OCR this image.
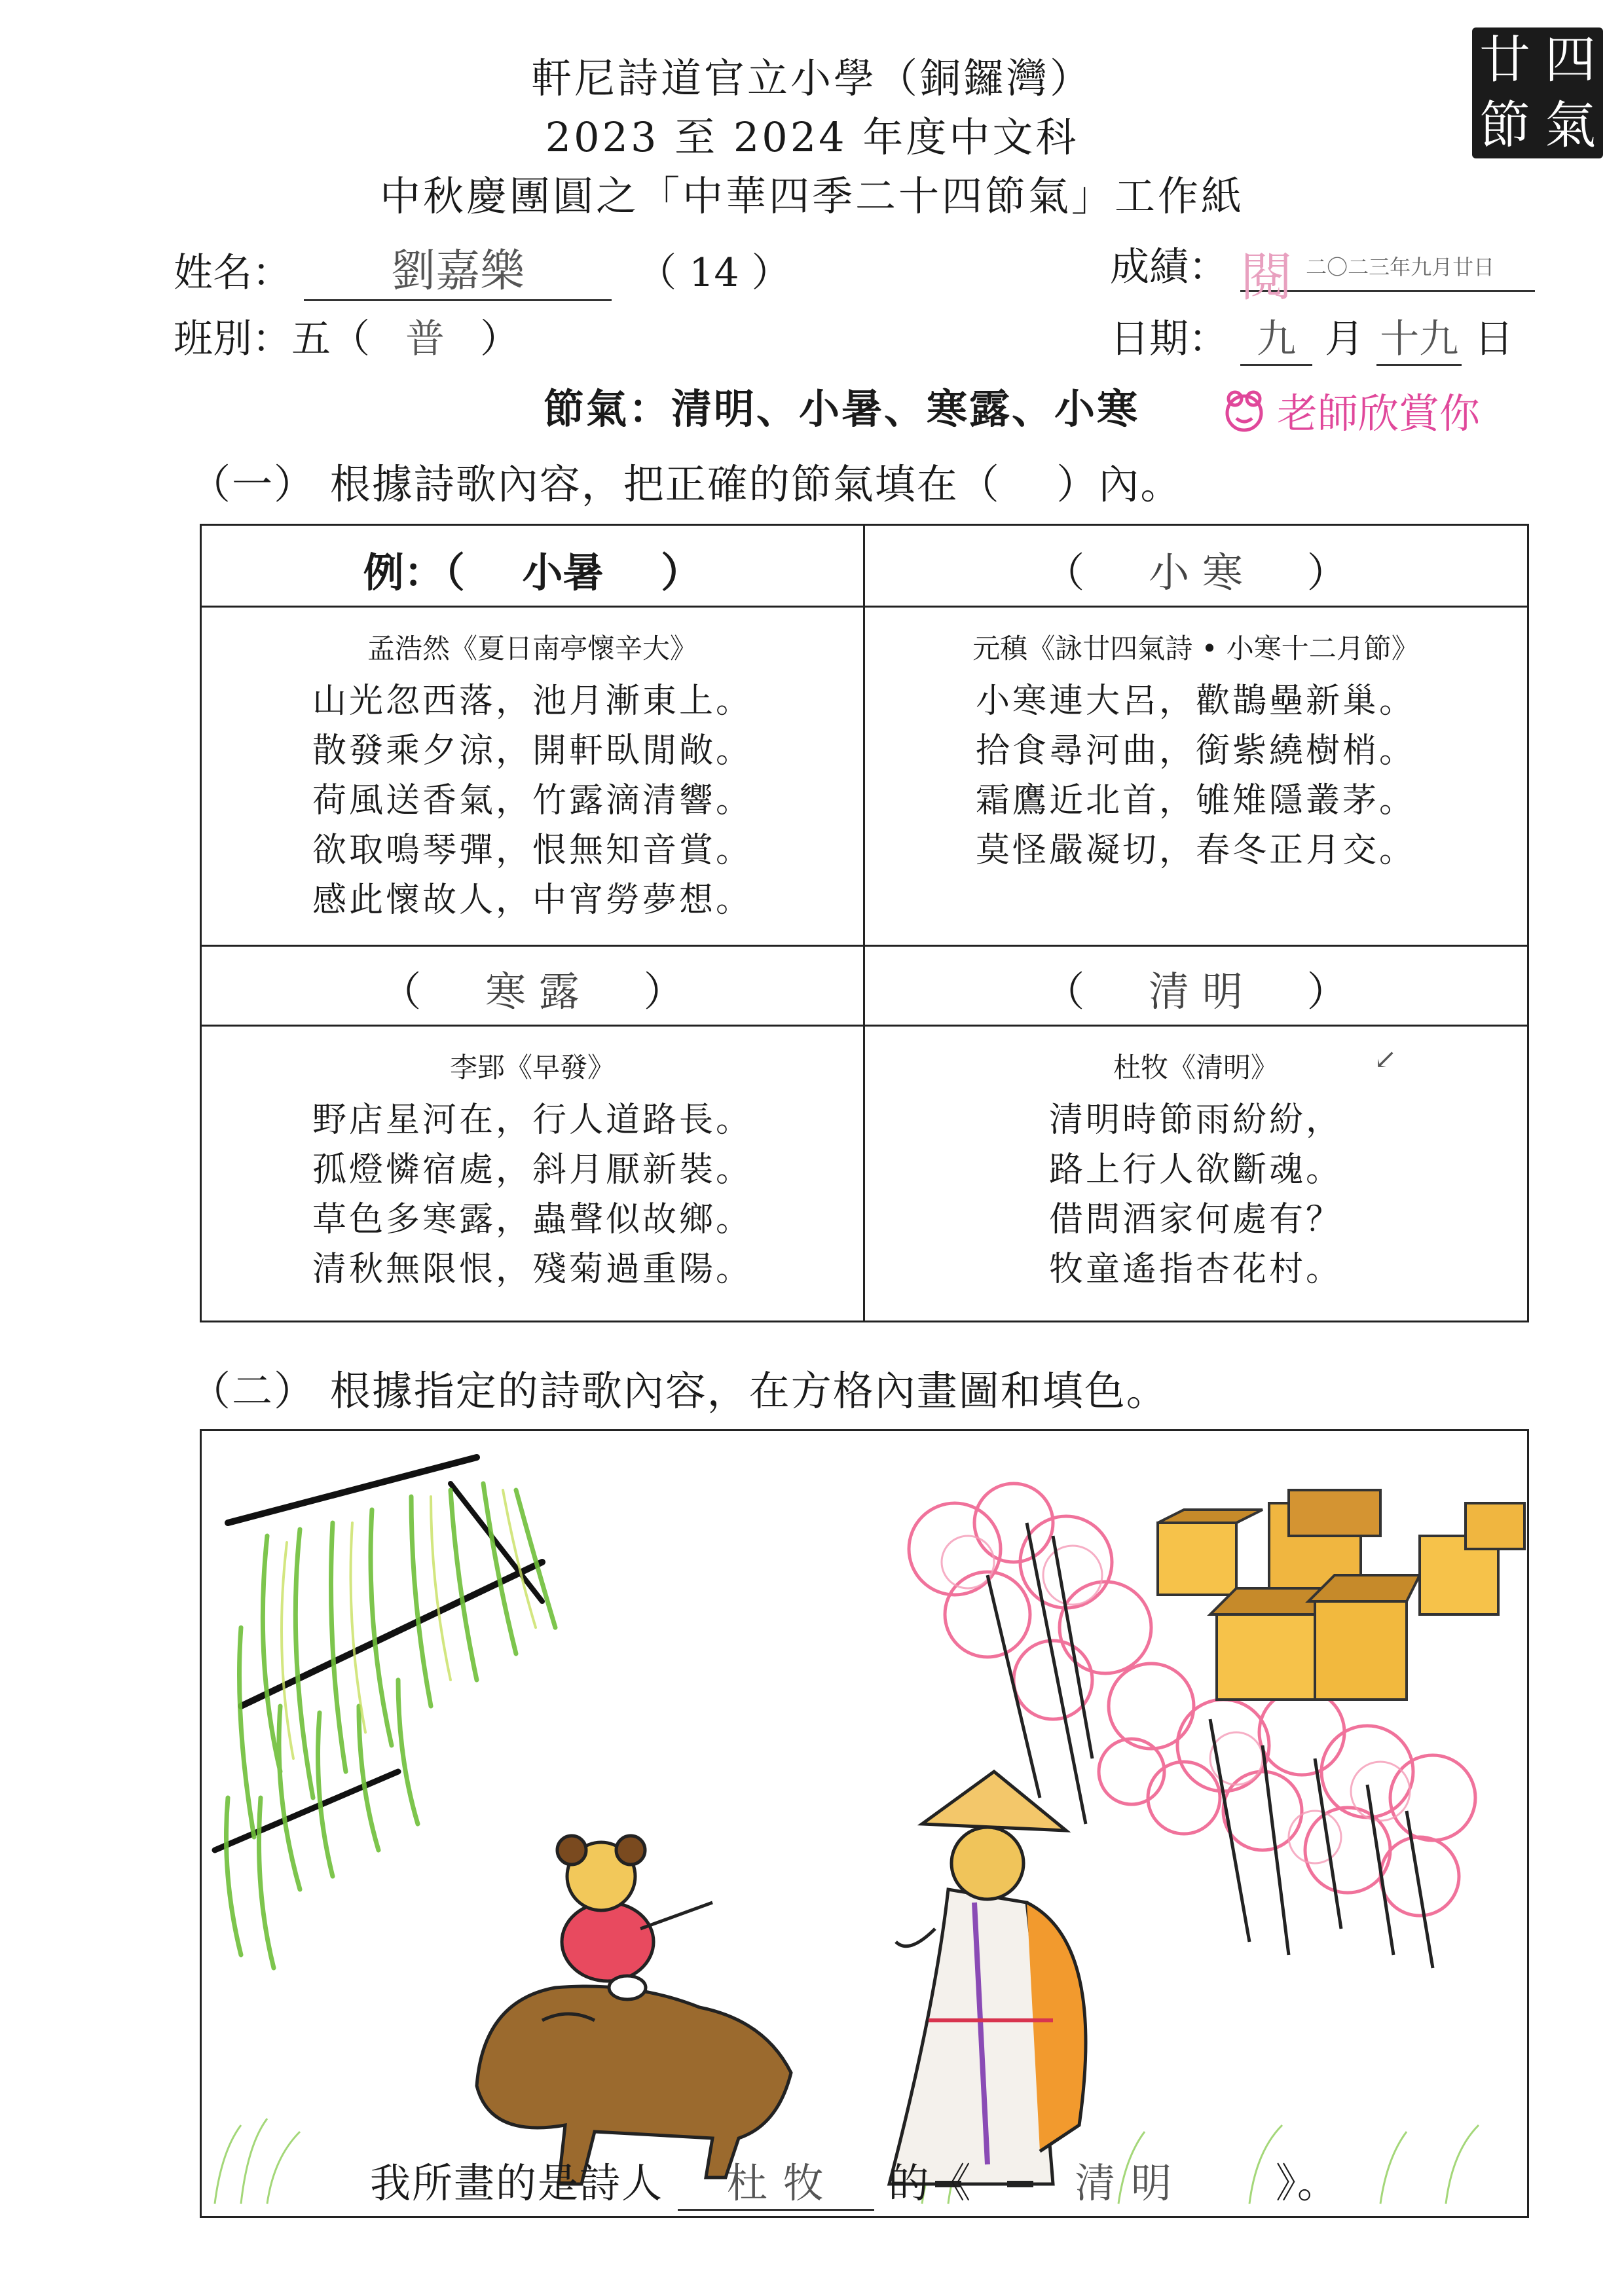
軒尼詩道官立小學（銅鑼灣）
2023 至 2024 年度中文科
中秋慶團圓之「中華四季二十四節氣」工作紙
廿 四
節 氣
姓名： 劉嘉樂	（ 14 ）
班別：五（ 普 ）
成績： 閱 二〇二三年九月廿日
日期： 九 月 十九 日
節氣：清明、小暑、寒露、小寒	老師欣賞你
（一） 根據詩歌內容，把正確的節氣填在（　 ）內。
例：（ 小暑 ）
孟浩然《夏日南亭懷辛大》
山光忽西落，池月漸東上。
散發乘夕涼，開軒臥閒敞。
荷風送香氣，竹露滴清響。
欲取鳴琴彈，恨無知音賞。
感此懷故人，中宵勞夢想。
（ 小 寒 ）
元稹《詠廿四氣詩 • 小寒十二月節》
小寒連大呂，歡鵲壘新巢。
拾食尋河曲，銜紫繞樹梢。
霜鷹近北首，雊雉隱叢茅。
莫怪嚴凝切，春冬正月交。
（ 寒 露 ）
李郢《早發》
野店星河在，行人道路長。
孤燈憐宿處，斜月厭新裝。
草色多寒露，蟲聲似故鄉。
清秋無限恨，殘菊過重陽。
（ 清 明 ）
杜牧《清明》	↙
清明時節雨紛紛，
路上行人欲斷魂。
借問酒家何處有？
牧童遙指杏花村。
（二） 根據指定的詩歌內容，在方格內畫圖和填色。
我所畫的是詩人 杜 牧 的《	清 明	》。
